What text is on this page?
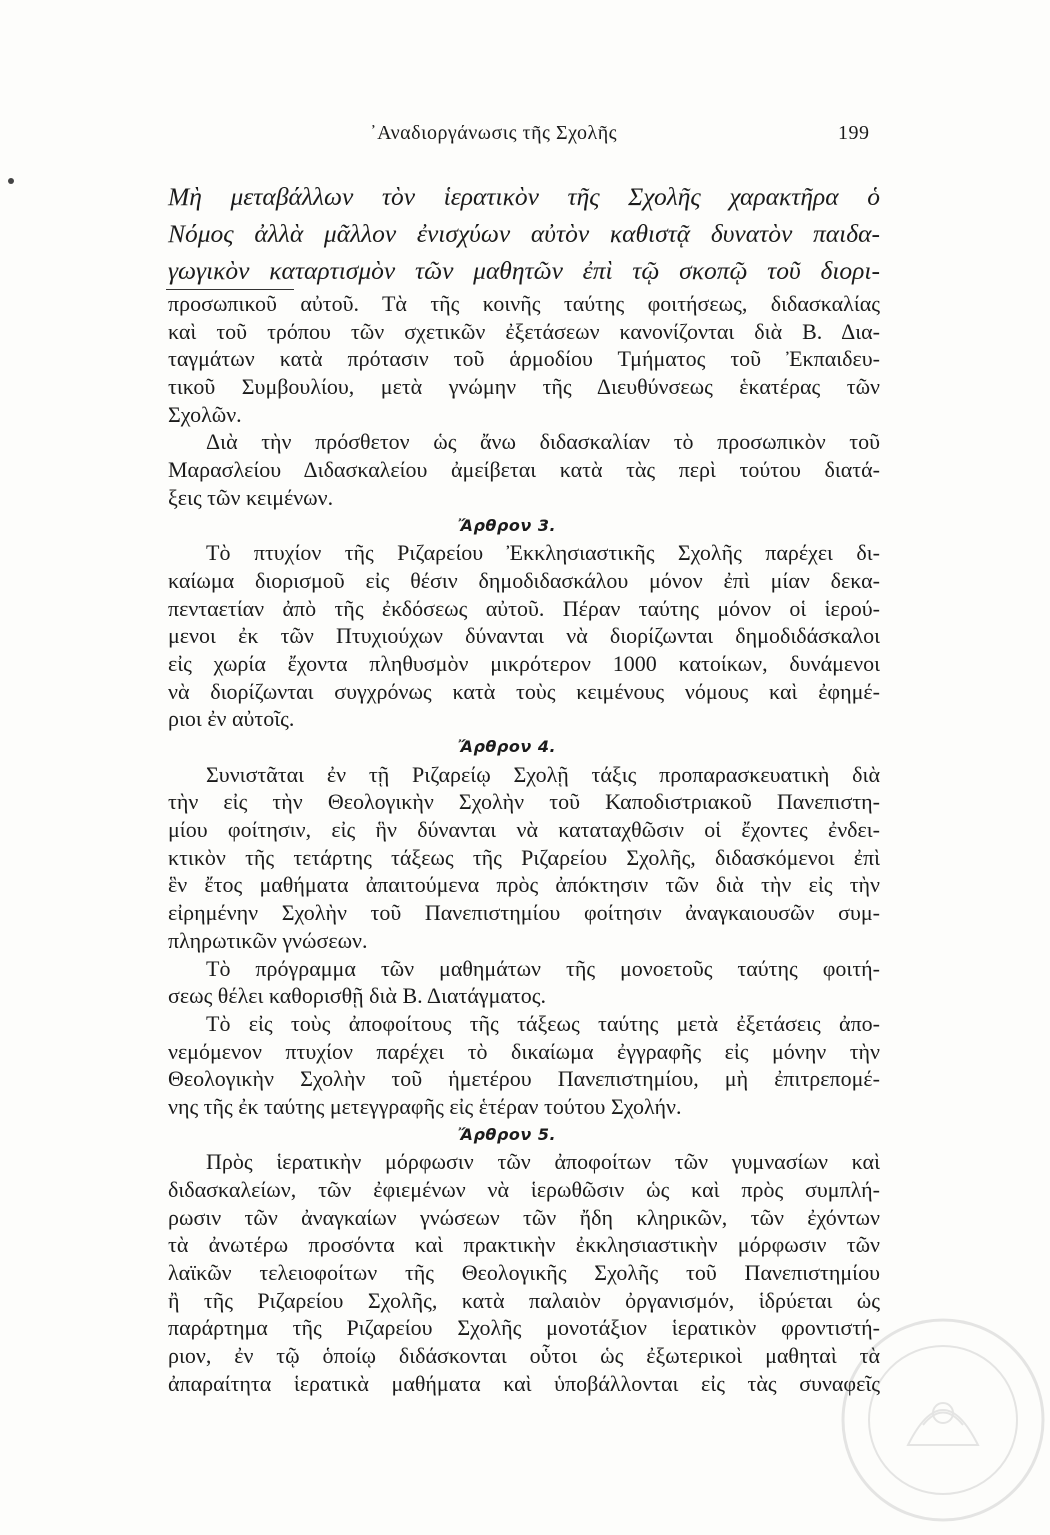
᾿Αναδιοργάνωσις τῆς Σχολῆς	199
Μὴ μεταβάλλων τὸν ἱερατικὸν τῆς Σχολῆς χαρακτῆρα ὁ
Νόμος ἀλλὰ μᾶλλον ἐνισχύων αὐτὸν καθιστᾷ δυνατὸν παιδα-
γωγικὸν καταρτισμὸν τῶν μαθητῶν ἐπὶ τῷ σκοπῷ τοῦ διορι-
προσωπικοῦ αὐτοῦ. Τὰ τῆς κοινῆς ταύτης φοιτήσεως, διδασκαλίας
καὶ τοῦ τρόπου τῶν σχετικῶν ἐξετάσεων κανονίζονται διὰ Β. Δια-
ταγμάτων κατὰ πρότασιν τοῦ ἁρμοδίου Τμήματος τοῦ Ἐκπαιδευ-
τικοῦ Συμβουλίου, μετὰ γνώμην τῆς Διευθύνσεως ἑκατέρας τῶν
Σχολῶν.
Διὰ τὴν πρόσθετον ὡς ἄνω διδασκαλίαν τὸ προσωπικὸν τοῦ
Μαρασλείου Διδασκαλείου ἀμείβεται κατὰ τὰς περὶ τούτου διατά-
ξεις τῶν κειμένων.
Ἄρθρον 3.
Τὸ πτυχίον τῆς Ριζαρείου Ἐκκλησιαστικῆς Σχολῆς παρέχει δι-
καίωμα διορισμοῦ εἰς θέσιν δημοδιδασκάλου μόνον ἐπὶ μίαν δεκα-
πενταετίαν ἀπὸ τῆς ἐκδόσεως αὐτοῦ. Πέραν ταύτης μόνον οἱ ἱερού-
μενοι ἐκ τῶν Πτυχιούχων δύνανται νὰ διορίζωνται δημοδιδάσκαλοι
εἰς χωρία ἔχοντα πληθυσμὸν μικρότερον 1000 κατοίκων, δυνάμενοι
νὰ διορίζωνται συγχρόνως κατὰ τοὺς κειμένους νόμους καὶ ἐφημέ-
ριοι ἐν αὐτοῖς.
Ἄρθρον 4.
Συνιστᾶται ἐν τῇ Ριζαρείῳ Σχολῇ τάξις προπαρασκευατικὴ διὰ
τὴν εἰς τὴν Θεολογικὴν Σχολὴν τοῦ Καποδιστριακοῦ Πανεπιστη-
μίου φοίτησιν, εἰς ἣν δύνανται νὰ καταταχθῶσιν οἱ ἔχοντες ἐνδει-
κτικὸν τῆς τετάρτης τάξεως τῆς Ριζαρείου Σχολῆς, διδασκόμενοι ἐπὶ
ἓν ἔτος μαθήματα ἀπαιτούμενα πρὸς ἀπόκτησιν τῶν διὰ τὴν εἰς τὴν
εἰρημένην Σχολὴν τοῦ Πανεπιστημίου φοίτησιν ἀναγκαιουσῶν συμ-
πληρωτικῶν γνώσεων.
Τὸ πρόγραμμα τῶν μαθημάτων τῆς μονοετοῦς ταύτης φοιτή-
σεως θέλει καθορισθῇ διὰ Β. Διατάγματος.
Τὸ εἰς τοὺς ἀποφοίτους τῆς τάξεως ταύτης μετὰ ἐξετάσεις ἀπο-
νεμόμενον πτυχίον παρέχει τὸ δικαίωμα ἐγγραφῆς εἰς μόνην τὴν
Θεολογικὴν Σχολὴν τοῦ ἡμετέρου Πανεπιστημίου, μὴ ἐπιτρεπομέ-
νης τῆς ἐκ ταύτης μετεγγραφῆς εἰς ἑτέραν τούτου Σχολήν.
Ἄρθρον 5.
Πρὸς ἱερατικὴν μόρφωσιν τῶν ἀποφοίτων τῶν γυμνασίων καὶ
διδασκαλείων, τῶν ἐφιεμένων νὰ ἱερωθῶσιν ὡς καὶ πρὸς συμπλή-
ρωσιν τῶν ἀναγκαίων γνώσεων τῶν ἤδη κληρικῶν, τῶν ἐχόντων
τὰ ἀνωτέρω προσόντα καὶ πρακτικὴν ἐκκλησιαστικὴν μόρφωσιν τῶν
λαϊκῶν τελειοφοίτων τῆς Θεολογικῆς Σχολῆς τοῦ Πανεπιστημίου
ἢ τῆς Ριζαρείου Σχολῆς, κατὰ παλαιὸν ὀργανισμόν, ἱδρύεται ὡς
παράρτημα τῆς Ριζαρείου Σχολῆς μονοτάξιον ἱερατικὸν φροντιστή-
ριον, ἐν τῷ ὁποίῳ διδάσκονται οὗτοι ὡς ἐξωτερικοὶ μαθηταὶ τὰ
ἀπαραίτητα ἱερατικὰ μαθήματα καὶ ὑποβάλλονται εἰς τὰς συναφεῖς
